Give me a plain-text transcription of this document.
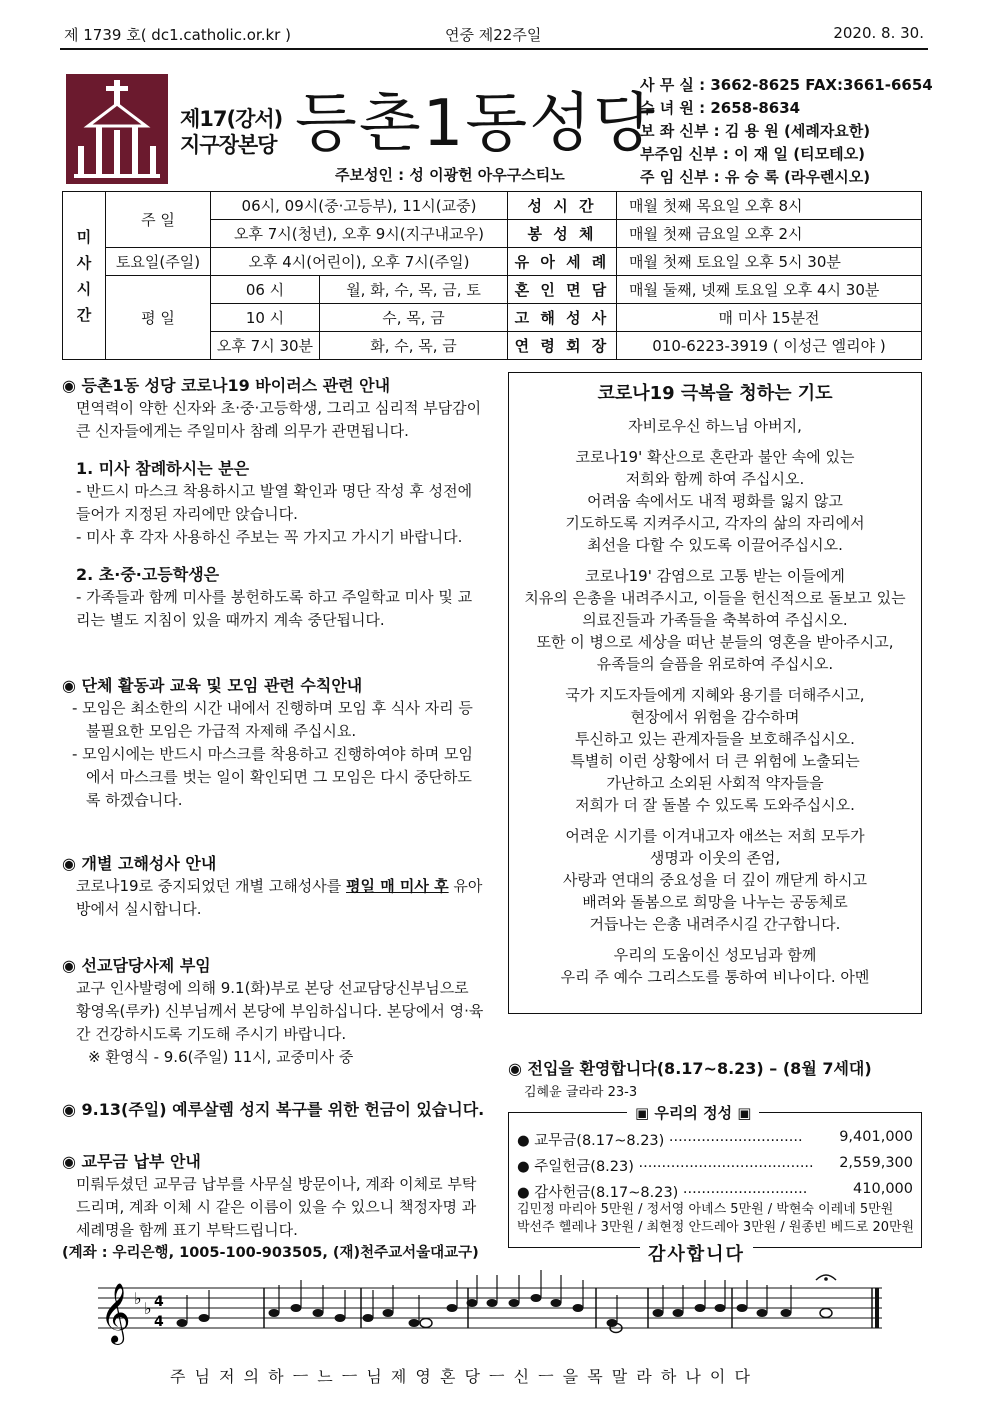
제 1739 호( dc1.catholic.or.kr )	연중 제22주일	2020. 8. 30.
제17(강서)
지구장본당 등촌1동성당
주보성인 : 성 이광헌 아우구스티노
사 무 실 : 3662-8625 FAX:3661-6654
수 녀 원 : 2658-8634
보 좌 신부 : 김 용 원 (세례자요한)
부주임 신부 : 이 재 일 (티모테오)
주 임 신부 : 유 승 록 (라우렌시오)
미
사
시
간	주 일	06시, 09시(중·고등부), 11시(교중)		성 시 간	매월 첫째 목요일 오후 8시
		오후 7시(청년), 오후 9시(지구내교우)		봉 성 체	매월 첫째 금요일 오후 2시
	토요일(주일)	오후 4시(어린이), 오후 7시(주일)		유 아 세 례	매월 첫째 토요일 오후 5시 30분
	평 일	06 시	월, 화, 수, 목, 금, 토	혼 인 면 담	매월 둘째, 넷째 토요일 오후 4시 30분
		10 시	수, 목, 금	고 해 성 사	매 미사 15분전
		오후 7시 30분	화, 수, 목, 금	연 령 회 장	010-6223-3919 ( 이성근 엘리야 )
◉ 등촌1동 성당 코로나19 바이러스 관련 안내

면역력이 약한 신자와 초·중·고등학생, 그리고 심리적 부담감이 큰 신자들에게는 주일미사 참례 의무가 관면됩니다.

1. 미사 참례하시는 분은

- 반드시 마스크 착용하시고 발열 확인과 명단 작성 후 성전에 들어가 지정된 자리에만 앉습니다.

- 미사 후 각자 사용하신 주보는 꼭 가지고 가시기 바랍니다.

2. 초·중·고등학생은

- 가족들과 함께 미사를 봉헌하도록 하고 주일학교 미사 및 교리는 별도 지침이 있을 때까지 계속 중단됩니다.

◉ 단체 활동과 교육 및 모임 관련 수칙안내

- 모임은 최소한의 시간 내에서 진행하며 모임 후 식사 자리 등 불필요한 모임은 가급적 자제해 주십시요.

- 모임시에는 반드시 마스크를 착용하고 진행하여야 하며 모임에서 마스크를 벗는 일이 확인되면 그 모임은 다시 중단하도록 하겠습니다.

◉ 개별 고해성사 안내

코로나19로 중지되었던 개별 고해성사를 평일 매 미사 후 유아방에서 실시합니다.

◉ 선교담당사제 부임

교구 인사발령에 의해 9.1(화)부로 본당 선교담당신부님으로 황영옥(루카) 신부님께서 본당에 부임하십니다. 본당에서 영·육간 건강하시도록 기도해 주시기 바랍니다.

※ 환영식 - 9.6(주일) 11시, 교중미사 중

◉ 9.13(주일) 예루살렘 성지 복구를 위한 헌금이 있습니다.
◉ 교무금 납부 안내

미뤄두셨던 교무금 납부를 사무실 방문이나, 계좌 이체로 부탁드리며, 계좌 이체 시 같은 이름이 있을 수 있으니 책정자명 과 세례명을 함께 표기 부탁드립니다.

(계좌 : 우리은행, 1005-100-903505, (재)천주교서울대교구)

코로나19 극복을 청하는 기도
자비로우신 하느님 아버지,
코로나19' 확산으로 혼란과 불안 속에 있는
저희와 함께 하여 주십시오.
어려움 속에서도 내적 평화를 잃지 않고
기도하도록 지켜주시고, 각자의 삶의 자리에서
최선을 다할 수 있도록 이끌어주십시오.
코로나19' 감염으로 고통 받는 이들에게
치유의 은총을 내려주시고, 이들을 헌신적으로 돌보고 있는
의료진들과 가족들을 축복하여 주십시오.
또한 이 병으로 세상을 떠난 분들의 영혼을 받아주시고,
유족들의 슬픔을 위로하여 주십시오.
국가 지도자들에게 지혜와 용기를 더해주시고,
현장에서 위험을 감수하며
투신하고 있는 관계자들을 보호해주십시오.
특별히 이런 상황에서 더 큰 위험에 노출되는
가난하고 소외된 사회적 약자들을
저희가 더 잘 돌볼 수 있도록 도와주십시오.
어려운 시기를 이겨내고자 애쓰는 저희 모두가
생명과 이웃의 존엄,
사랑과 연대의 중요성을 더 깊이 깨닫게 하시고
배려와 돌봄으로 희망을 나누는 공동체로
거듭나는 은총 내려주시길 간구합니다.
우리의 도움이신 성모님과 함께
우리 주 예수 그리스도를 통하여 비나이다. 아멘
◉ 전입을 환영합니다(8.17~8.23) – (8월 7세대)
김혜윤 글라라 23-3
▣ 우리의 정성 ▣
● 교무금(8.17~8.23) ·····························	9,401,000
● 주일헌금(8.23) ······································ 2,559,300
● 감사헌금(8.17~8.23) ···························	410,000
김민정 마리아 5만원 / 정서영 아녜스 5만원 / 박현숙 이레네 5만원
박선주 헬레나 3만원 / 최현정 안드레아 3만원 / 원종빈 베드로 20만원
감사합니다
𝄞 ♭
♭ 4
4
주 님 저 의 하 ㅡ 느 ㅡ 님 제 영 혼 당 ㅡ 신 ㅡ 을 목 말 라 하 나 이 다
